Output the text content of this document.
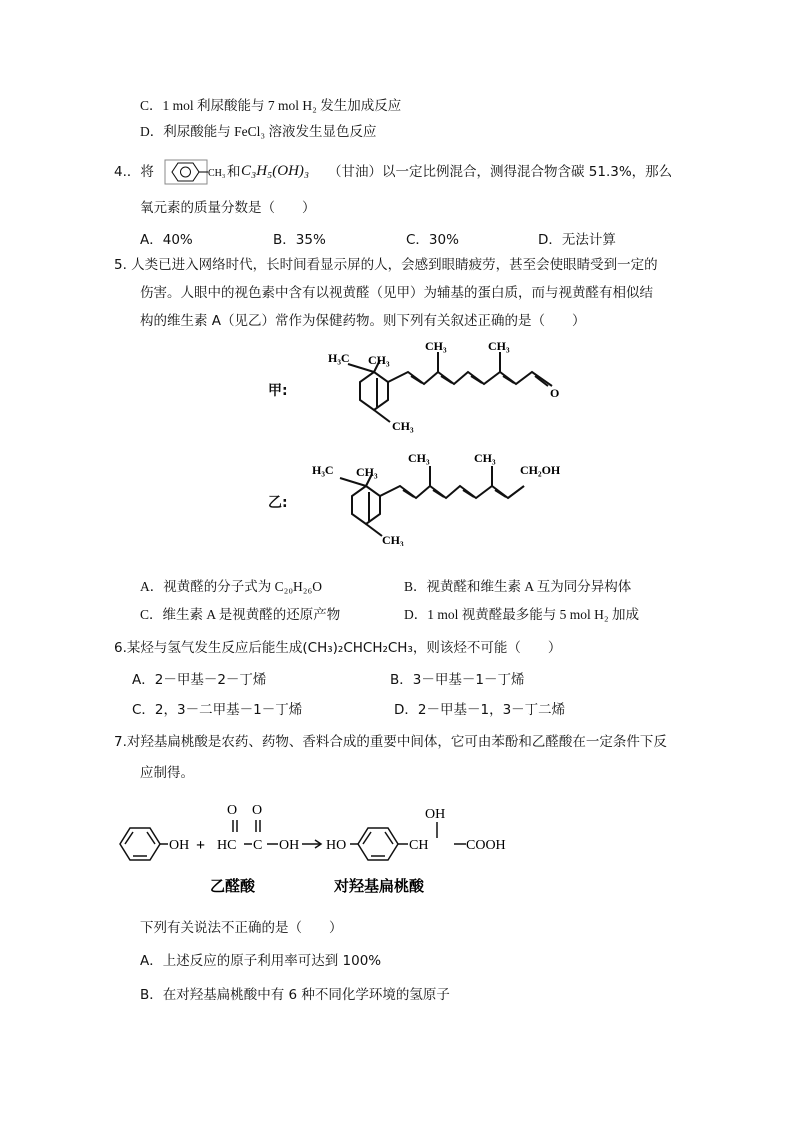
C．1 mol 利尿酸能与 7 mol H₂ 发生加成反应
D．利尿酸能与 FeCl₃ 溶液发生显色反应
4.．将	CH₃ 和 C₃H₅(OH)₃ （甘油）以一定比例混合，测得混合物含碳 51.3%，那么
氧元素的质量分数是（　　）
A．40%	B．35%	C．30%	D．无法计算
5. 人类已进入网络时代，长时间看显示屏的人，会感到眼睛疲劳，甚至会使眼睛受到一定的
伤害。人眼中的视色素中含有以视黄醛（见甲）为辅基的蛋白质，而与视黄醛有相似结
构的维生素 A（见乙）常作为保健药物。则下列有关叙述正确的是（　　）
甲:
H₃C CH₃
CH₃	CH₃
O
CH₃
乙:
H₃C CH₃
CH₃	CH₃
CH₂OH
CH₃
A．视黄醛的分子式为 C₂₀H₂₆O	B．视黄醛和维生素 A 互为同分异构体
C．维生素 A 是视黄醛的还原产物	D．1 mol 视黄醛最多能与 5 mol H₂ 加成
6.某烃与氢气发生反应后能生成(CH₃)₂CHCH₂CH₃，则该烃不可能（　　）
A．2－甲基－2－丁烯	B．3－甲基－1－丁烯
C．2，3－二甲基－1－丁烯	D．2－甲基－1，3－丁二烯
7.对羟基扁桃酸是农药、药物、香料合成的重要中间体，它可由苯酚和乙醛酸在一定条件下反
应制得。
OH +
O O
HC C OH HO
OH
CH	COOH
乙醛酸	对羟基扁桃酸
下列有关说法不正确的是（　　）
A．上述反应的原子利用率可达到 100%
B．在对羟基扁桃酸中有 6 种不同化学环境的氢原子
